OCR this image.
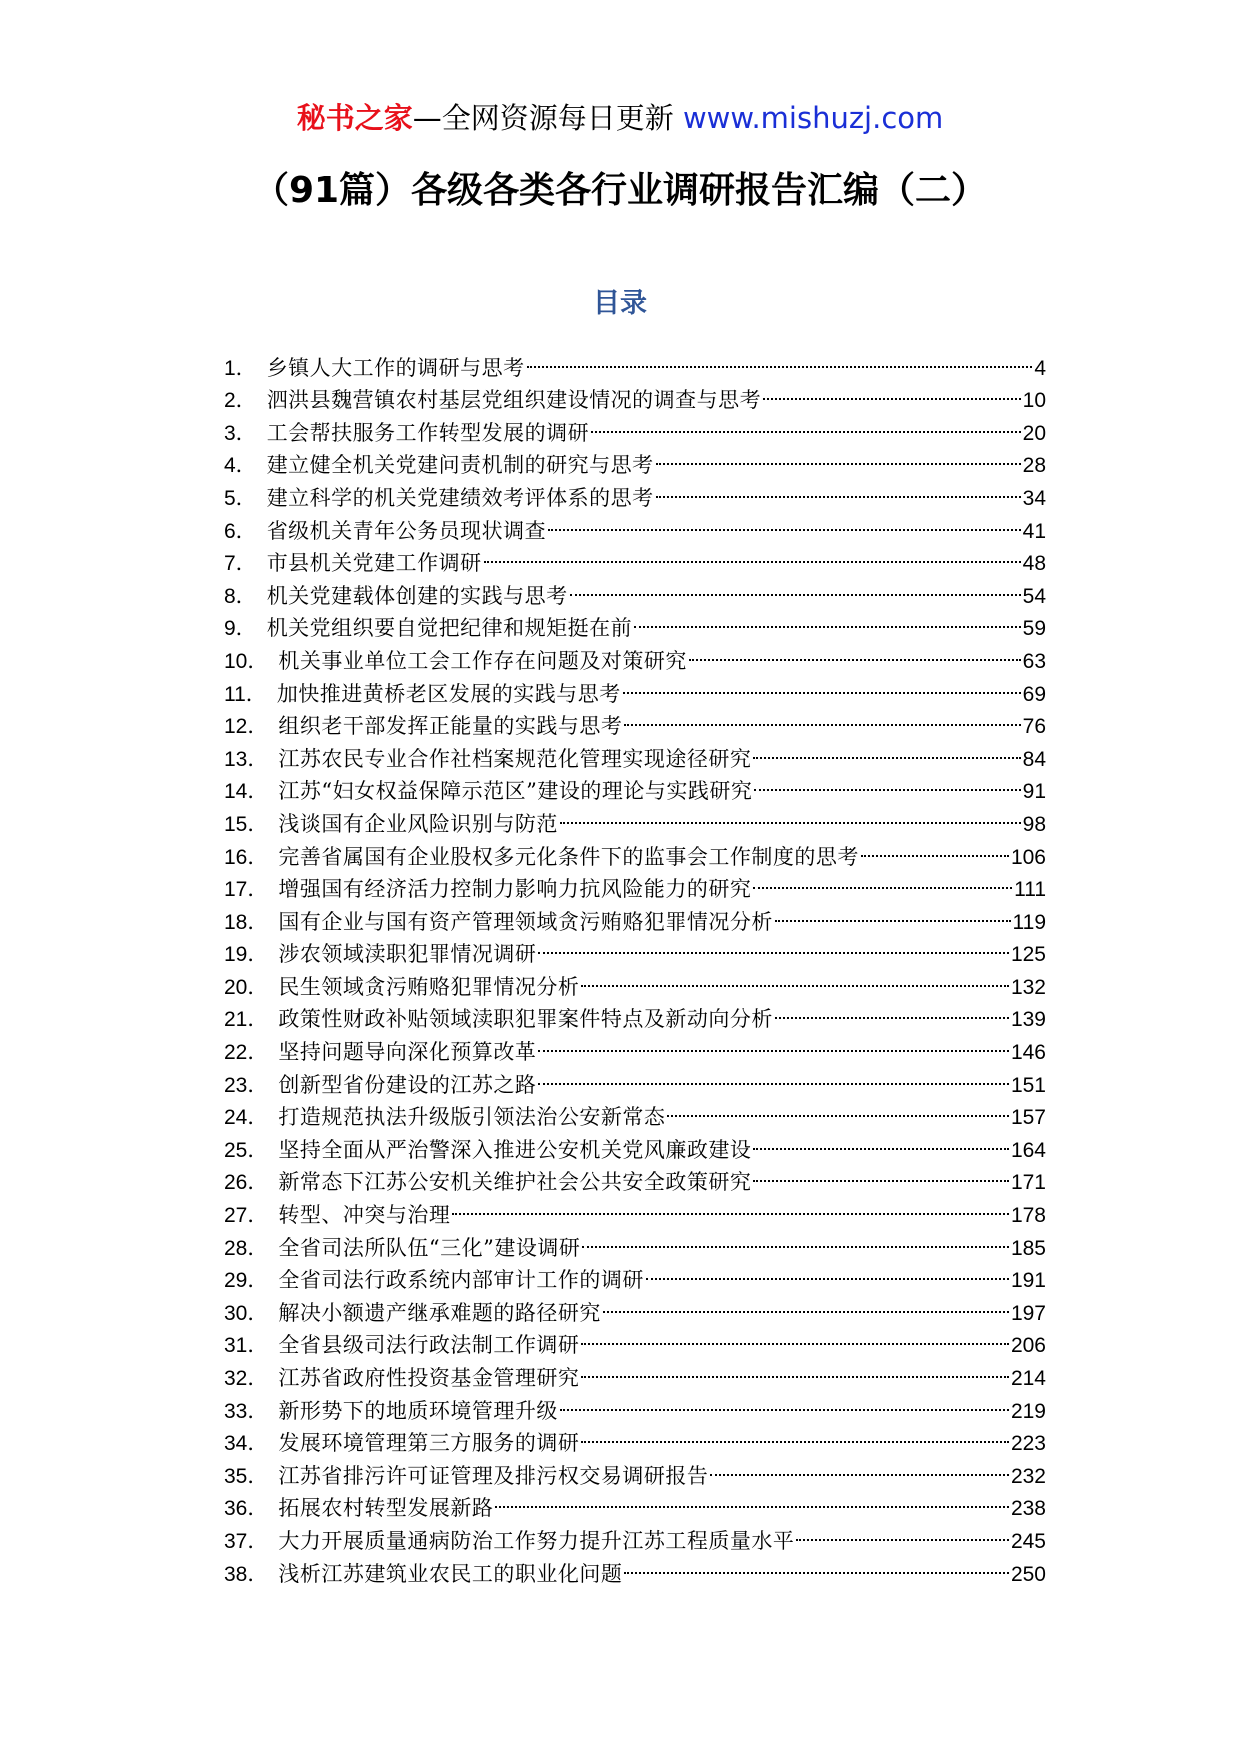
秘书之家—全网资源每日更新 www.mishuzj.com
（91篇）各级各类各行业调研报告汇编（二）
目录
1． 乡镇人大工作的调研与思考	4
2． 泗洪县魏营镇农村基层党组织建设情况的调查与思考	10
3． 工会帮扶服务工作转型发展的调研	20
4． 建立健全机关党建问责机制的研究与思考	28
5． 建立科学的机关党建绩效考评体系的思考	34
6． 省级机关青年公务员现状调查	41
7． 市县机关党建工作调研	48
8． 机关党建载体创建的实践与思考	54
9． 机关党组织要自觉把纪律和规矩挺在前	59
10． 机关事业单位工会工作存在问题及对策研究	63
11． 加快推进黄桥老区发展的实践与思考	69
12． 组织老干部发挥正能量的实践与思考	76
13． 江苏农民专业合作社档案规范化管理实现途径研究	84
14． 江苏“妇女权益保障示范区”建设的理论与实践研究	91
15． 浅谈国有企业风险识别与防范	98
16． 完善省属国有企业股权多元化条件下的监事会工作制度的思考	106
17． 增强国有经济活力控制力影响力抗风险能力的研究	111
18． 国有企业与国有资产管理领域贪污贿赂犯罪情况分析	119
19． 涉农领域渎职犯罪情况调研	125
20． 民生领域贪污贿赂犯罪情况分析	132
21． 政策性财政补贴领域渎职犯罪案件特点及新动向分析	139
22． 坚持问题导向深化预算改革	146
23． 创新型省份建设的江苏之路	151
24． 打造规范执法升级版引领法治公安新常态	157
25． 坚持全面从严治警深入推进公安机关党风廉政建设	164
26． 新常态下江苏公安机关维护社会公共安全政策研究	171
27． 转型、冲突与治理	178
28． 全省司法所队伍“三化”建设调研	185
29． 全省司法行政系统内部审计工作的调研	191
30． 解决小额遗产继承难题的路径研究	197
31． 全省县级司法行政法制工作调研	206
32． 江苏省政府性投资基金管理研究	214
33． 新形势下的地质环境管理升级	219
34． 发展环境管理第三方服务的调研	223
35． 江苏省排污许可证管理及排污权交易调研报告	232
36． 拓展农村转型发展新路	238
37． 大力开展质量通病防治工作努力提升江苏工程质量水平	245
38． 浅析江苏建筑业农民工的职业化问题	250
